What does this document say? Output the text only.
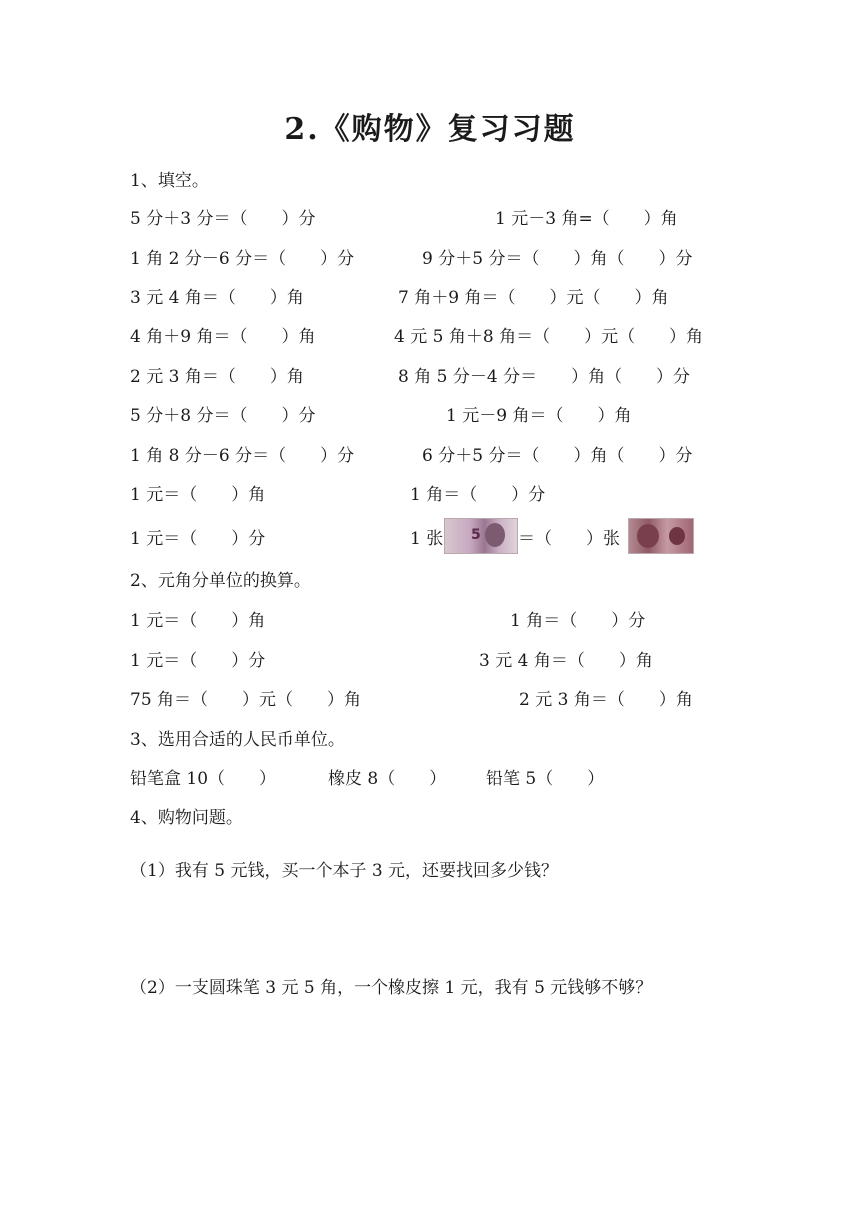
2.《购物》复习习题
1、填空。
5 分＋3 分＝（　　）分	1 元－3 角=（　　）角
1 角 2 分－6 分＝（　　）分	9 分＋5 分＝（　　）角（　　）分
3 元 4 角＝（　　）角	7 角＋9 角＝（　　）元（　　）角
4 角＋9 角＝（　　）角	4 元 5 角＋8 角＝（　　）元（　　）角
2 元 3 角＝（　　）角	8 角 5 分－4 分＝　　）角（　　）分
5 分＋8 分＝（　　）分	1 元－9 角＝（　　）角
1 角 8 分－6 分＝（　　）分	6 分＋5 分＝（　　）角（　　）分
1 元＝（　　）角	1 角＝（　　）分
1 元＝（　　）分	1 张 5 ＝（　　）张
2、元角分单位的换算。
1 元＝（　　）角	1 角＝（　　）分
1 元＝（　　）分	3 元 4 角＝（　　）角
75 角＝（　　）元（　　）角	2 元 3 角＝（　　）角
3、选用合适的人民币单位。
铅笔盒 10（　　）	橡皮 8（　　） 铅笔 5（　　）
4、购物问题。
（1）我有 5 元钱，买一个本子 3 元，还要找回多少钱？
（2）一支圆珠笔 3 元 5 角，一个橡皮擦 1 元，我有 5 元钱够不够？
